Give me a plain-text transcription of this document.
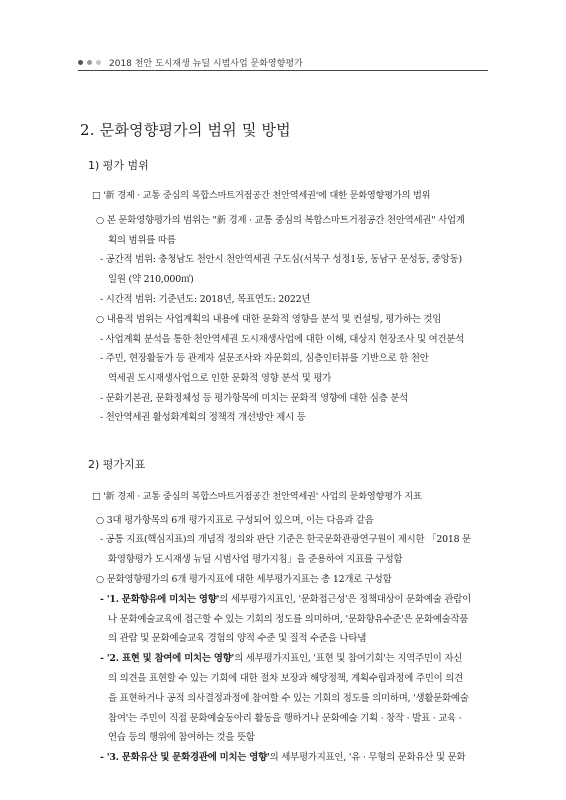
2018 천안 도시재생 뉴딜 시범사업 문화영향평가
2. 문화영향평가의 범위 및 방법
1) 평가 범위
□ '新 경제 · 교통 중심의 복합스마트거점공간 천안역세권'에 대한 문화영향평가의 범위
○ 본 문화영향평가의 범위는 "新 경제 · 교통 중심의 복합스마트거점공간 천안역세권" 사업계
획의 범위를 따름
- 공간적 범위: 충청남도 천안시 천안역세권 구도심(서북구 성정1동, 동남구 문성동, 중앙동)
일원 (약 210,000㎡)
- 시간적 범위: 기준년도: 2018년, 목표연도: 2022년
○ 내용적 범위는 사업계획의 내용에 대한 문화적 영향을 분석 및 컨설팅, 평가하는 것임
- 사업계획 분석을 통한 천안역세권 도시재생사업에 대한 이해, 대상지 현장조사 및 여건분석
- 주민, 현장활동가 등 관계자 설문조사와 자문회의, 심층인터뷰를 기반으로 한 천안
역세권 도시재생사업으로 인한 문화적 영향 분석 및 평가
- 문화기본권, 문화정체성 등 평가항목에 미치는 문화적 영향에 대한 심층 분석
- 천안역세권 활성화계획의 정책적 개선방안 제시 등
2) 평가지표
□ '新 경제 · 교통 중심의 복합스마트거점공간 천안역세권' 사업의 문화영향평가 지표
○ 3대 평가항목의 6개 평가지표로 구성되어 있으며, 이는 다음과 같음
- 공통 지표(핵심지표)의 개념적 정의와 판단 기준은 한국문화관광연구원이 제시한 「2018 문
화영향평가 도시재생 뉴딜 시범사업 평가지침」을 준용하여 지표를 구성함
○ 문화영향평가의 6개 평가지표에 대한 세부평가지표는 총 12개로 구성함
- '1. 문화향유에 미치는 영향'의 세부평가지표인, '문화접근성'은 정책대상이 문화예술 관람이
나 문화예술교육에 접근할 수 있는 기회의 정도를 의미하며, '문화향유수준'은 문화예술작품
의 관람 및 문화예술교육 경험의 양적 수준 및 질적 수준을 나타냄
- '2. 표현 및 참여에 미치는 영향'의 세부평가지표인, '표현 및 참여기회'는 지역주민이 자신
의 의견을 표현할 수 있는 기회에 대한 절차 보장과 해당정책, 계획수립과정에 주민이 의견
을 표현하거나 공적 의사결정과정에 참여할 수 있는 기회의 정도를 의미하며, '생활문화예술
참여'는 주민이 직접 문화예술동아리 활동을 행하거나 문화예술 기획 · 창작 · 발표 · 교육 ·
연습 등의 행위에 참여하는 것을 뜻함
- '3. 문화유산 및 문화경관에 미치는 영향'의 세부평가지표인, '유 · 무형의 문화유산 및 문화
